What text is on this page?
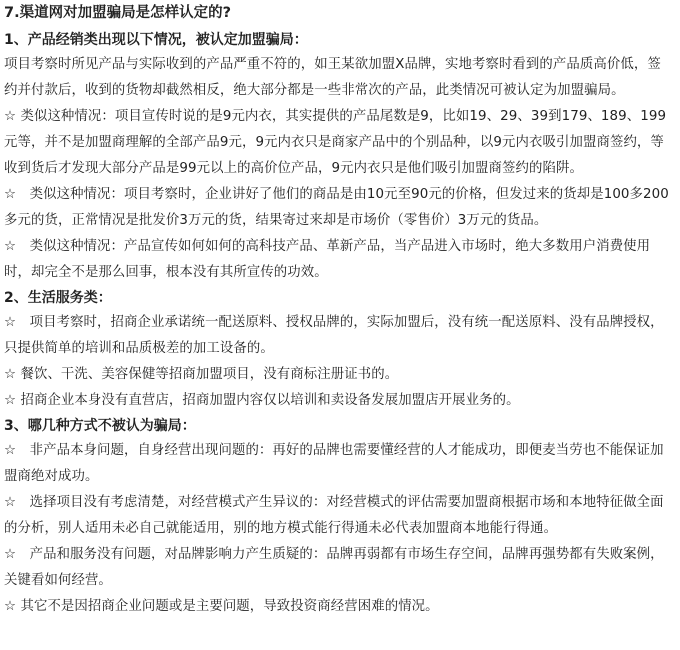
7.渠道网对加盟骗局是怎样认定的?
1、产品经销类出现以下情况，被认定加盟骗局：

项目考察时所见产品与实际收到的产品严重不符的，如王某欲加盟X品牌，实地考察时看到的产品质高价低，签约并付款后，收到的货物却截然相反，绝大部分都是一些非常次的产品，此类情况可被认定为加盟骗局。

☆ 类似这种情况：项目宣传时说的是9元内衣，其实提供的产品尾数是9，比如19、29、39到179、189、199元等，并不是加盟商理解的全部产品9元，9元内衣只是商家产品中的个别品种，以9元内衣吸引加盟商签约，等收到货后才发现大部分产品是99元以上的高价位产品，9元内衣只是他们吸引加盟商签约的陷阱。

☆　类似这种情况：项目考察时，企业讲好了他们的商品是由10元至90元的价格，但发过来的货却是100多200多元的货，正常情况是批发价3万元的货，结果寄过来却是市场价（零售价）3万元的货品。

☆　类似这种情况：产品宣传如何如何的高科技产品、革新产品，当产品进入市场时，绝大多数用户消费使用时，却完全不是那么回事，根本没有其所宣传的功效。

2、生活服务类：

☆　项目考察时，招商企业承诺统一配送原料、授权品牌的，实际加盟后，没有统一配送原料、没有品牌授权，只提供简单的培训和品质极差的加工设备的。

☆ 餐饮、干洗、美容保健等招商加盟项目，没有商标注册证书的。

☆ 招商企业本身没有直营店，招商加盟内容仅以培训和卖设备发展加盟店开展业务的。

3、哪几种方式不被认为骗局：

☆　非产品本身问题，自身经营出现问题的：再好的品牌也需要懂经营的人才能成功，即便麦当劳也不能保证加盟商绝对成功。

☆　选择项目没有考虑清楚，对经营模式产生异议的：对经营模式的评估需要加盟商根据市场和本地特征做全面的分析，别人适用未必自己就能适用，别的地方模式能行得通未必代表加盟商本地能行得通。

☆　产品和服务没有问题，对品牌影响力产生质疑的：品牌再弱都有市场生存空间，品牌再强势都有失败案例，关键看如何经营。

☆ 其它不是因招商企业问题或是主要问题，导致投资商经营困难的情况。
